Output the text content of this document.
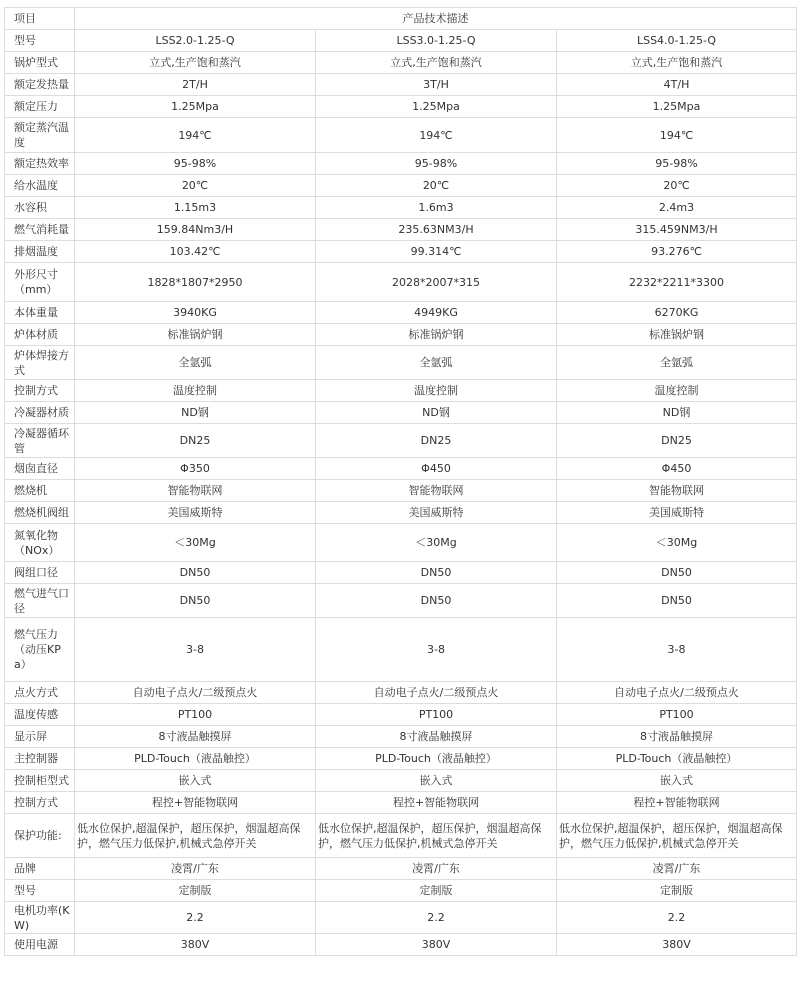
项目	产品技术描述		
型号	LSS2.0-1.25-Q	LSS3.0-1.25-Q	LSS4.0-1.25-Q
锅炉型式	立式,生产饱和蒸汽	立式,生产饱和蒸汽	立式,生产饱和蒸汽
额定发热量	2T/H	3T/H	4T/H
额定压力	1.25Mpa	1.25Mpa	1.25Mpa
额定蒸汽温度	194℃	194℃	194℃
额定热效率	95-98%	95-98%	95-98%
给水温度	20℃	20℃	20℃
水容积	1.15m3	1.6m3	2.4m3
燃气消耗量	159.84Nm3/H	235.63NM3/H	315.459NM3/H
排烟温度	103.42℃	99.314℃	93.276℃
外形尺寸（mm）	1828*1807*2950	2028*2007*315	2232*2211*3300
本体重量	3940KG	4949KG	6270KG
炉体材质	标准锅炉钢	标准锅炉钢	标准锅炉钢
炉体焊接方式	全氩弧	全氩弧	全氩弧
控制方式	温度控制	温度控制	温度控制
冷凝器材质	ND钢	ND钢	ND钢
冷凝器循环管	DN25	DN25	DN25
烟囱直径	Φ350	Φ450	Φ450
燃烧机	智能物联网	智能物联网	智能物联网
燃烧机阀组	美国威斯特	美国威斯特	美国威斯特
氮氧化物（NOx）	＜30Mg	＜30Mg	＜30Mg
阀组口径	DN50	DN50	DN50
燃气进气口径	DN50	DN50	DN50
燃气压力（动压KPa）	3-8	3-8	3-8
点火方式	自动电子点火/二级预点火	自动电子点火/二级预点火	自动电子点火/二级预点火
温度传感	PT100	PT100	PT100
显示屏	8寸液晶触摸屏	8寸液晶触摸屏	8寸液晶触摸屏
主控制器	PLD-Touch（液晶触控）	PLD-Touch（液晶触控）	PLD-Touch（液晶触控）
控制柜型式	嵌入式	嵌入式	嵌入式
控制方式	程控+智能物联网	程控+智能物联网	程控+智能物联网
保护功能:	低水位保护,超温保护，超压保护，烟温超高保护，燃气压力低保护,机械式急停开关	低水位保护,超温保护，超压保护，烟温超高保护，燃气压力低保护,机械式急停开关	低水位保护,超温保护，超压保护，烟温超高保护，燃气压力低保护,机械式急停开关
品牌	凌霄/广东	凌霄/广东	凌霄/广东
型号	定制版	定制版	定制版
电机功率(KW)	2.2	2.2	2.2
使用电源	380V	380V	380V
